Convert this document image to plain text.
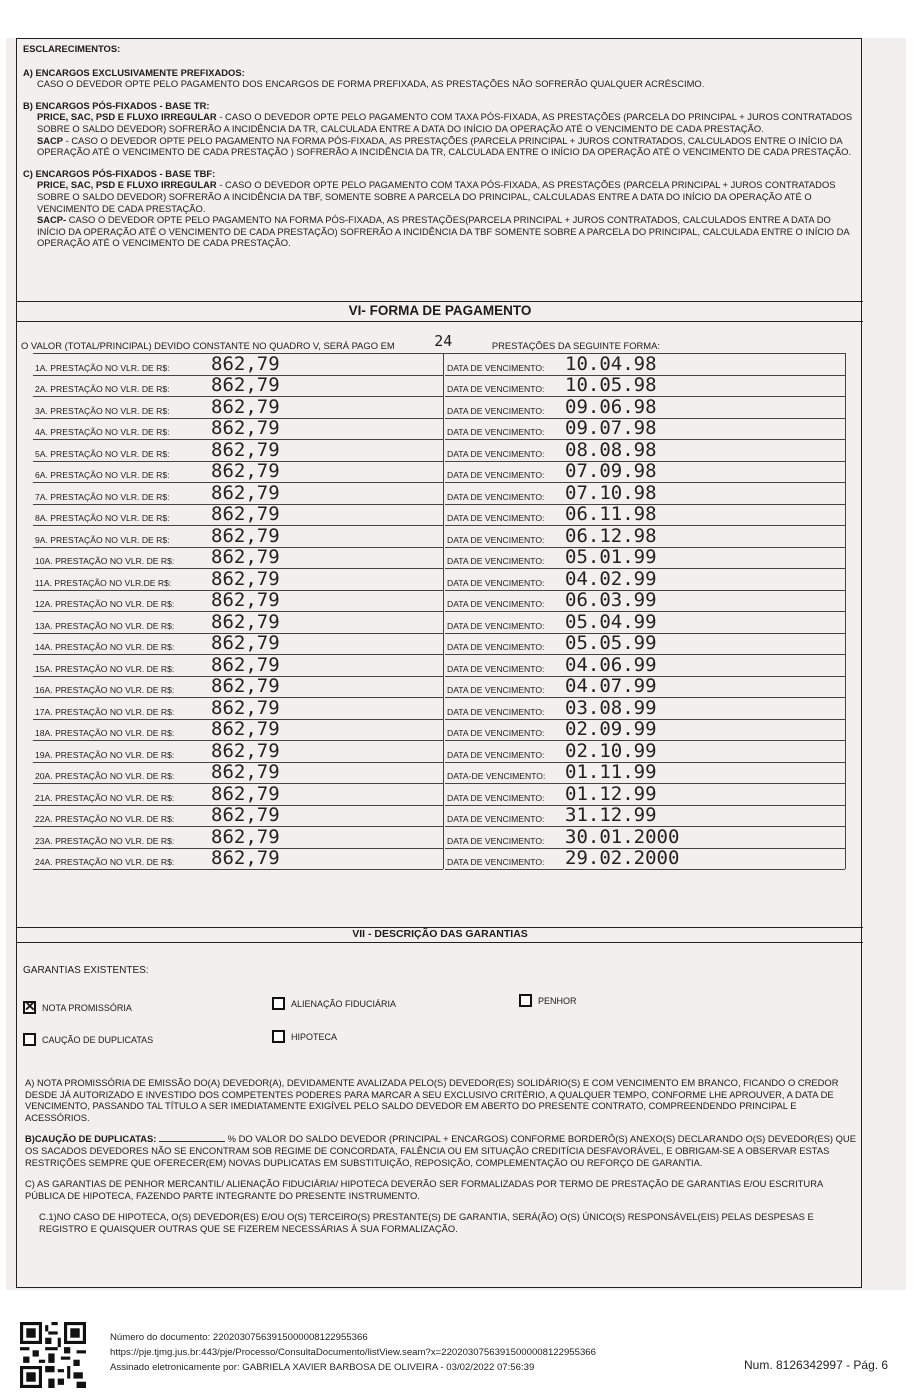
ESCLARECIMENTOS:

A) ENCARGOS EXCLUSIVAMENTE PREFIXADOS:

CASO O DEVEDOR OPTE PELO PAGAMENTO DOS ENCARGOS DE FORMA PREFIXADA, AS PRESTAÇÕES NÃO SOFRERÃO QUALQUER ACRÉSCIMO.

B) ENCARGOS PÓS-FIXADOS - BASE TR:

PRICE, SAC, PSD E FLUXO IRREGULAR - CASO O DEVEDOR OPTE PELO PAGAMENTO COM TAXA PÓS-FIXADA, AS PRESTAÇÕES (PARCELA DO PRINCIPAL + JUROS CONTRATADOS SOBRE O SALDO DEVEDOR) SOFRERÃO A INCIDÊNCIA DA TR, CALCULADA ENTRE A DATA DO INÍCIO DA OPERAÇÃO ATÉ O VENCIMENTO DE CADA PRESTAÇÃO.

SACP - CASO O DEVEDOR OPTE PELO PAGAMENTO NA FORMA PÓS-FIXADA, AS PRESTAÇÕES (PARCELA PRINCIPAL + JUROS CONTRATADOS, CALCULADOS ENTRE O INÍCIO DA OPERAÇÃO ATÉ O VENCIMENTO DE CADA PRESTAÇÃO ) SOFRERÃO A INCIDÊNCIA DA TR, CALCULADA ENTRE O INÍCIO DA OPERAÇÃO ATÉ O VENCIMENTO DE CADA PRESTAÇÃO.

C) ENCARGOS PÓS-FIXADOS - BASE TBF:

PRICE, SAC, PSD E FLUXO IRREGULAR - CASO O DEVEDOR OPTE PELO PAGAMENTO COM TAXA PÓS-FIXADA, AS PRESTAÇÕES (PARCELA PRINCIPAL + JUROS CONTRATADOS SOBRE O SALDO DEVEDOR) SOFRERÃO A INCIDÊNCIA DA TBF, SOMENTE SOBRE A PARCELA DO PRINCIPAL, CALCULADAS ENTRE A DATA DO INÍCIO DA OPERAÇÃO ATÉ O VENCIMENTO DE CADA PRESTAÇÃO.

SACP- CASO O DEVEDOR OPTE PELO PAGAMENTO NA FORMA PÓS-FIXADA, AS PRESTAÇÕES(PARCELA PRINCIPAL + JUROS CONTRATADOS, CALCULADOS ENTRE A DATA DO INÍCIO DA OPERAÇÃO ATÉ O VENCIMENTO DE CADA PRESTAÇÃO) SOFRERÃO A INCIDÊNCIA DA TBF SOMENTE SOBRE A PARCELA DO PRINCIPAL, CALCULADA ENTRE O INÍCIO DA OPERAÇÃO ATÉ O VENCIMENTO DE CADA PRESTAÇÃO.

VI- FORMA DE PAGAMENTO
O VALOR (TOTAL/PRINCIPAL) DEVIDO CONSTANTE NO QUADRO V, SERÁ PAGO EM	24	PRESTAÇÕES DA SEGUINTE FORMA:
1A. PRESTAÇÃO NO VLR. DE R$: 862,79	DATA DE VENCIMENTO: 10.04.98
2A. PRESTAÇÃO NO VLR. DE R$: 862,79	DATA DE VENCIMENTO: 10.05.98
3A. PRESTAÇÃO NO VLR. DE R$: 862,79	DATA DE VENCIMENTO: 09.06.98
4A. PRESTAÇÃO NO VLR. DE R$: 862,79	DATA DE VENCIMENTO: 09.07.98
5A. PRESTAÇÃO NO VLR. DE R$: 862,79	DATA DE VENCIMENTO: 08.08.98
6A. PRESTAÇÃO NO VLR. DE R$: 862,79	DATA DE VENCIMENTO: 07.09.98
7A. PRESTAÇÃO NO VLR. DE R$: 862,79	DATA DE VENCIMENTO: 07.10.98
8A. PRESTAÇÃO NO VLR. DE R$: 862,79	DATA DE VENCIMENTO: 06.11.98
9A. PRESTAÇÃO NO VLR. DE R$: 862,79	DATA DE VENCIMENTO: 06.12.98
10A. PRESTAÇÃO NO VLR. DE R$: 862,79	DATA DE VENCIMENTO: 05.01.99
11A. PRESTAÇÃO NO VLR.DE R$: 862,79	DATA DE VENCIMENTO: 04.02.99
12A. PRESTAÇÃO NO VLR. DE R$: 862,79	DATA DE VENCIMENTO: 06.03.99
13A. PRESTAÇÃO NO VLR. DE R$: 862,79	DATA DE VENCIMENTO: 05.04.99
14A. PRESTAÇÃO NO VLR. DE R$: 862,79	DATA DE VENCIMENTO: 05.05.99
15A. PRESTAÇÃO NO VLR. DE R$: 862,79	DATA DE VENCIMENTO: 04.06.99
16A. PRESTAÇÃO NO VLR. DE R$: 862,79	DATA DE VENCIMENTO: 04.07.99
17A. PRESTAÇÃO NO VLR. DE R$: 862,79	DATA DE VENCIMENTO: 03.08.99
18A. PRESTAÇÃO NO VLR. DE R$: 862,79	DATA DE VENCIMENTO: 02.09.99
19A. PRESTAÇÃO NO VLR. DE R$: 862,79	DATA DE VENCIMENTO: 02.10.99
20A. PRESTAÇÃO NO VLR. DE R$: 862,79	DATA-DE VENCIMENTO: 01.11.99
21A. PRESTAÇÃO NO VLR. DE R$: 862,79	DATA DE VENCIMENTO: 01.12.99
22A. PRESTAÇÃO NO VLR. DE R$: 862,79	DATA DE VENCIMENTO: 31.12.99
23A. PRESTAÇÃO NO VLR. DE R$: 862,79	DATA DE VENCIMENTO: 30.01.2000
24A. PRESTAÇÃO NO VLR. DE R$: 862,79	DATA DE VENCIMENTO: 29.02.2000
VII - DESCRIÇÃO DAS GARANTIAS
GARANTIAS EXISTENTES:
✕
NOTA PROMISSÓRIA	ALIENAÇÃO FIDUCIÁRIA	PENHOR
CAUÇÃO DE DUPLICATAS	HIPOTECA

A) NOTA PROMISSÓRIA DE EMISSÃO DO(A) DEVEDOR(A), DEVIDAMENTE AVALIZADA PELO(S) DEVEDOR(ES) SOLIDÁRIO(S) E COM VENCIMENTO EM BRANCO, FICANDO O CREDOR DESDE JÁ AUTORIZADO E INVESTIDO DOS COMPETENTES PODERES PARA MARCAR A SEU EXCLUSIVO CRITÉRIO, A QUALQUER TEMPO, CONFORME LHE APROUVER, A DATA DE VENCIMENTO, PASSANDO TAL TÍTULO A SER IMEDIATAMENTE EXIGÍVEL PELO SALDO DEVEDOR EM ABERTO DO PRESENTE CONTRATO, COMPREENDENDO PRINCIPAL E ACESSÓRIOS.

B)CAUÇÃO DE DUPLICATAS:	% DO VALOR DO SALDO DEVEDOR (PRINCIPAL + ENCARGOS) CONFORME BORDERÔ(S) ANEXO(S) DECLARANDO O(S) DEVEDOR(ES) QUE OS SACADOS DEVEDORES NÃO SE ENCONTRAM SOB REGIME DE CONCORDATA, FALÊNCIA OU EM SITUAÇÃO CREDITÍCIA DESFAVORÁVEL, E OBRIGAM-SE A OBSERVAR ESTAS RESTRIÇÕES SEMPRE QUE OFERECER(EM) NOVAS DUPLICATAS EM SUBSTITUIÇÃO, REPOSIÇÃO, COMPLEMENTAÇÃO OU REFORÇO DE GARANTIA.

C) AS GARANTIAS DE PENHOR MERCANTIL/ ALIENAÇÃO FIDUCIÁRIA/ HIPOTECA DEVERÃO SER FORMALIZADAS POR TERMO DE PRESTAÇÃO DE GARANTIAS E/OU ESCRITURA PÚBLICA DE HIPOTECA, FAZENDO PARTE INTEGRANTE DO PRESENTE INSTRUMENTO.

C.1)NO CASO DE HIPOTECA, O(S) DEVEDOR(ES) E/OU O(S) TERCEIRO(S) PRESTANTE(S) DE GARANTIA, SERÁ(ÃO) O(S) ÚNICO(S) RESPONSÁVEL(EIS) PELAS DESPESAS E REGISTRO E QUAISQUER OUTRAS QUE SE FIZEREM NECESSÁRIAS À SUA FORMALIZAÇÃO.

Número do documento: 22020307563915000008122955366
https://pje.tjmg.jus.br:443/pje/Processo/ConsultaDocumento/listView.seam?x=22020307563915000008122955366
Assinado eletronicamente por: GABRIELA XAVIER BARBOSA DE OLIVEIRA - 03/02/2022 07:56:39	Num. 8126342997 - Pág. 6
